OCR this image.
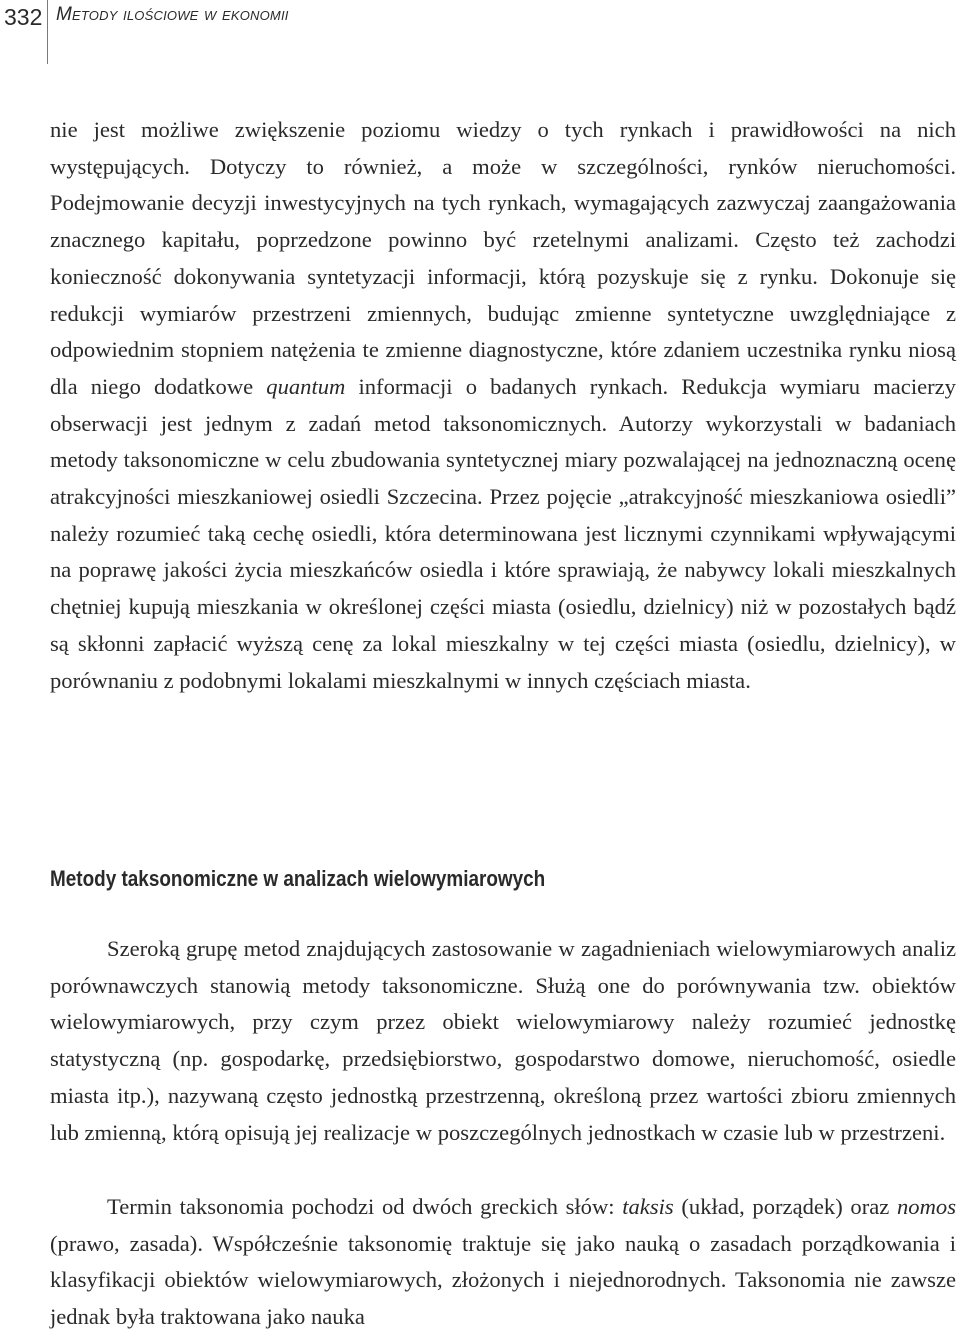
332 Metody ilościowe w ekonomii

nie jest możliwe zwiększenie poziomu wiedzy o tych rynkach i prawidłowości na nich występujących. Dotyczy to również, a może w szczególności, rynków nieruchomości. Podejmowanie decyzji inwestycyjnych na tych rynkach, wymagających zazwyczaj zaangażowania znacznego kapitału, poprzedzone powinno być rzetelnymi analizami. Często też zachodzi konieczność dokonywania syntetyzacji informacji, którą pozyskuje się z rynku. Dokonuje się redukcji wymiarów przestrzeni zmiennych, budując zmienne syntetyczne uwzględniające z odpowiednim stopniem natężenia te zmienne diagnostyczne, które zdaniem uczestnika rynku niosą dla niego dodatkowe quantum informacji o badanych rynkach. Redukcja wymiaru macierzy obserwacji jest jednym z zadań metod taksonomicznych. Autorzy wykorzystali w badaniach metody taksonomiczne w celu zbudowania syntetycznej miary pozwalającej na jednoznaczną ocenę atrakcyjności mieszkaniowej osiedli Szczecina. Przez pojęcie „atrakcyjność mieszkaniowa osiedli” należy rozumieć taką cechę osiedli, która determinowana jest licznymi czynnikami wpływającymi na poprawę jakości życia mieszkańców osiedla i które sprawiają, że nabywcy lokali mieszkalnych chętniej kupują mieszkania w określonej części miasta (osiedlu, dzielnicy) niż w pozostałych bądź są skłonni zapłacić wyższą cenę za lokal mieszkalny w tej części miasta (osiedlu, dzielnicy), w porównaniu z podobnymi lokalami mieszkalnymi w innych częściach miasta.

Metody taksonomiczne w analizach wielowymiarowych

Szeroką grupę metod znajdujących zastosowanie w zagadnieniach wielowymiarowych analiz porównawczych stanowią metody taksonomiczne. Służą one do porównywania tzw. obiektów wielowymiarowych, przy czym przez obiekt wielowymiarowy należy rozumieć jednostkę statystyczną (np. gospodarkę, przedsiębiorstwo, gospodarstwo domowe, nieruchomość, osiedle miasta itp.), nazywaną często jednostką przestrzenną, określoną przez wartości zbioru zmiennych lub zmienną, którą opisują jej realizacje w poszczególnych jednostkach w czasie lub w przestrzeni.

Termin taksonomia pochodzi od dwóch greckich słów: taksis (układ, porządek) oraz nomos (prawo, zasada). Współcześnie taksonomię traktuje się jako nauką o zasadach porządkowania i klasyfikacji obiektów wielowymiarowych, złożonych i niejednorodnych. Taksonomia nie zawsze jednak była traktowana jako nauka
